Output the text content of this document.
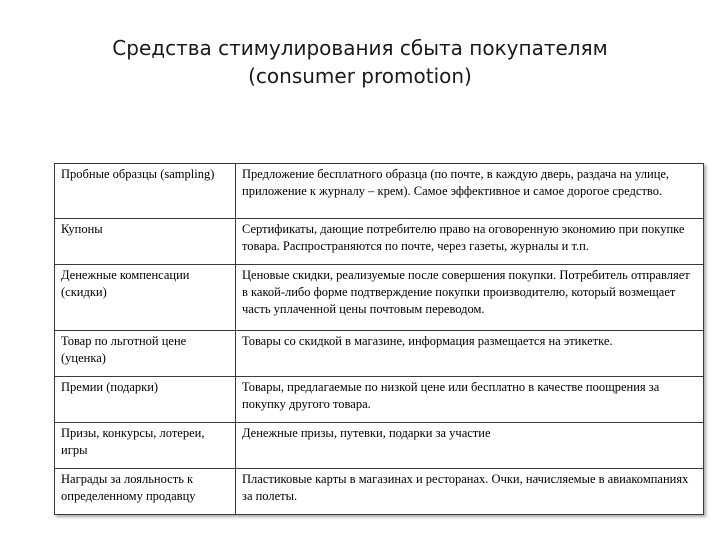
Средства стимулирования сбыта покупателям
(consumer promotion)
Пробные образцы (sampling)	Предложение бесплатного образца (по почте, в каждую дверь, раздача на улице, приложение к журналу – крем). Самое эффективное и самое дорогое средство.
Купоны	Сертификаты, дающие потребителю право на оговоренную экономию при покупке товара. Распространяются по почте, через газеты, журналы и т.п.
Денежные компенсации (скидки)	Ценовые скидки, реализуемые после совершения покупки. Потребитель отправляет в какой-либо форме подтверждение покупки производителю, который возмещает часть уплаченной цены почтовым переводом.
Товар по льготной цене (уценка)	Товары со скидкой в магазине, информация размещается на этикетке.
Премии (подарки)	Товары, предлагаемые по низкой цене или бесплатно в качестве поощрения за покупку другого товара.
Призы, конкурсы, лотереи, игры	Денежные призы, путевки, подарки за участие
Награды за лояльность к определенному продавцу	Пластиковые карты в магазинах и ресторанах. Очки, начисляемые в авиакомпаниях за полеты.
